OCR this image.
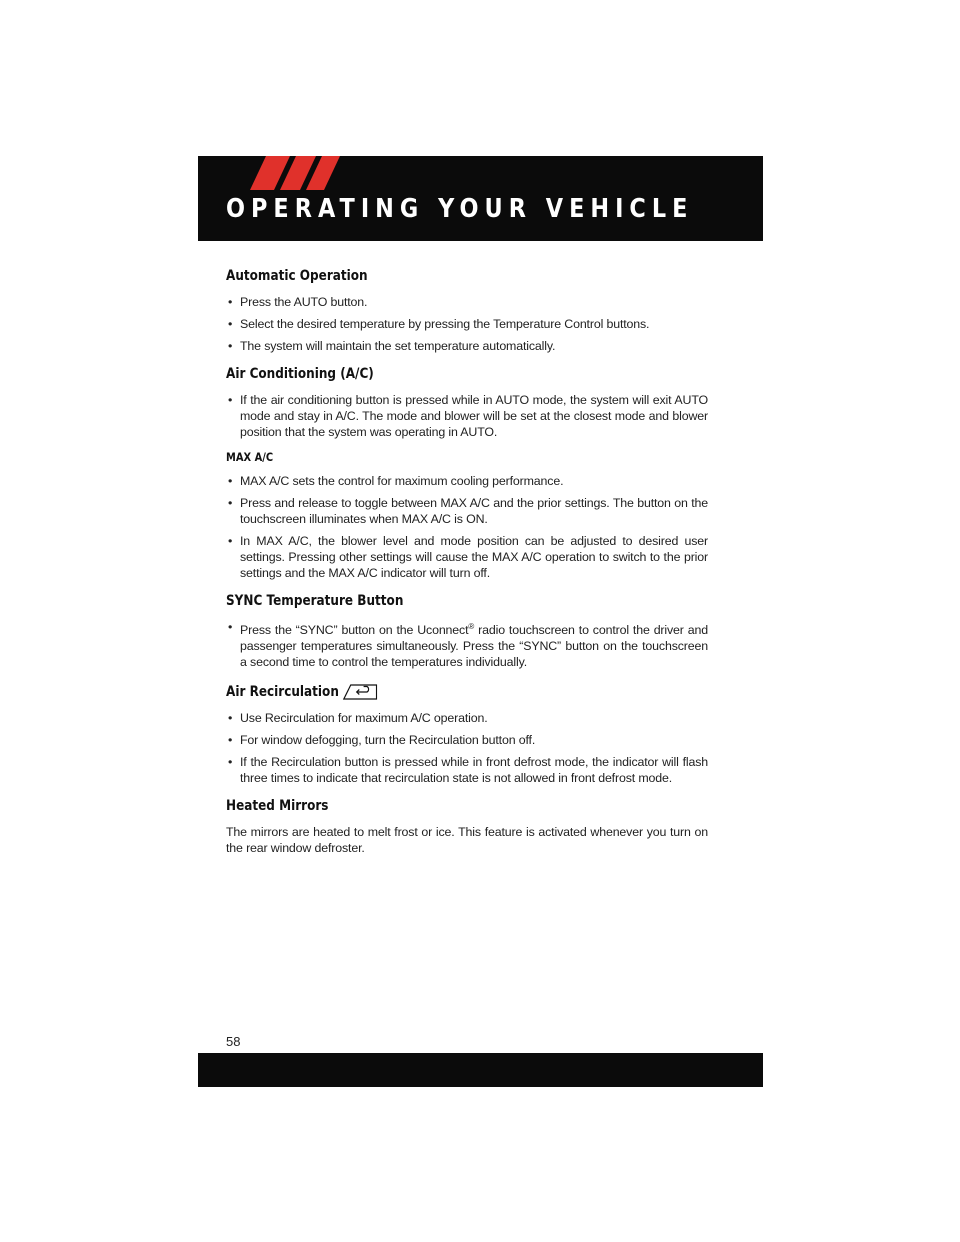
OPERATING YOUR VEHICLE

Automatic Operation

• Press the AUTO button.

• Select the desired temperature by pressing the Temperature Control buttons.

• The system will maintain the set temperature automatically.

Air Conditioning (A/C)

• If the air conditioning button is pressed while in AUTO mode, the system will exit AUTO mode and stay in A/C. The mode and blower will be set at the closest mode and blower position that the system was operating in AUTO.

MAX A/C

• MAX A/C sets the control for maximum cooling performance.

• Press and release to toggle between MAX A/C and the prior settings. The button on the touchscreen illuminates when MAX A/C is ON.

• In MAX A/C, the blower level and mode position can be adjusted to desired user settings. Pressing other settings will cause the MAX A/C operation to switch to the prior settings and the MAX A/C indicator will turn off.

SYNC Temperature Button

• Press the “SYNC” button on the Uconnect® radio touchscreen to control the driver and passenger temperatures simultaneously. Press the “SYNC” button on the touchscreen a second time to control the temperatures individually.

Air Recirculation

• Use Recirculation for maximum A/C operation.

• For window defogging, turn the Recirculation button off.

• If the Recirculation button is pressed while in front defrost mode, the indicator will flash three times to indicate that recirculation state is not allowed in front defrost mode.

Heated Mirrors

The mirrors are heated to melt frost or ice. This feature is activated whenever you turn on the rear window defroster.

58
